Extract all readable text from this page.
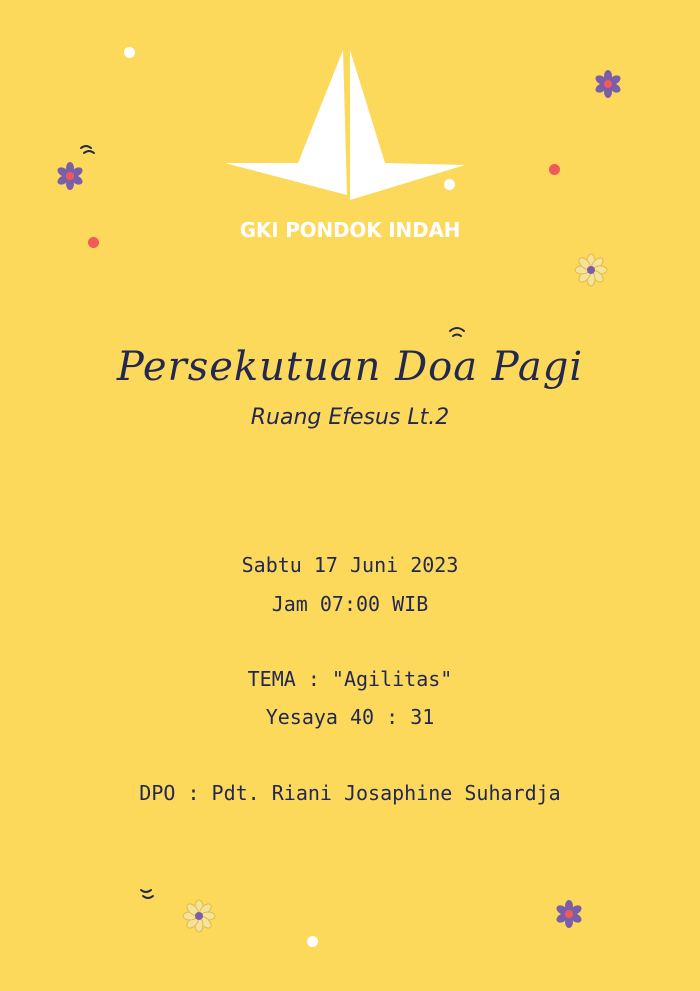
GKI PONDOK INDAH
Persekutuan Doa Pagi
Ruang Efesus Lt.2
Sabtu 17 Juni 2023
Jam 07:00 WIB
TEMA : "Agilitas"
Yesaya 40 : 31
DPO : Pdt. Riani Josaphine Suhardja
